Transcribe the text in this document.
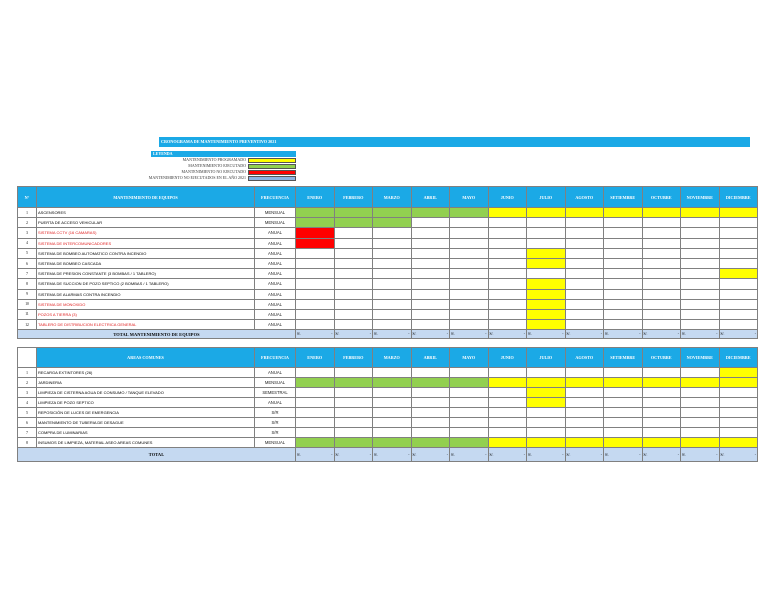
CRONOGRAMA DE MANTENIMIENTO PREVENTIVO 2021
LEYENDA
MANTENIMIENTO PROGRAMADO
MANTENIMIENTO EJECUTADO
MANTENIMIENTO NO EJECUTADO
MANTENIMIENTO NO EJECUTADOS EN EL AÑO 2021
N°	MANTENIMIENTO DE EQUIPOS	FRECUENCIA	ENERO	FEBRERO	MARZO	ABRIL	MAYO	JUNIO	JULIO	AGOSTO	SETIEMBRE	OCTUBRE	NOVIEMBRE	DICIEMBRE
1	ASCENSORES	MENSUAL												
2	PUERTA DE ACCESO VEHICULAR	MENSUAL												
3	SISTEMA CCTV (16 CAMARAS)	ANUAL												
4	SISTEMA DE INTERCOMUNICADORES	ANUAL												
5	SISTEMA DE BOMBEO AUTOMATICO CONTRA INCENDIO	ANUAL												
6	SISTEMA DE BOMBEO CASCADA	ANUAL												
7	SISTEMA DE PRESION CONSTANTE (3 BOMBAS / 1 TABLERO)	ANUAL												
8	SISTEMA DE SUCCION DE POZO SEPTICO (2 BOMBAS / 1 TABLERO)	ANUAL												
9	SISTEMA DE ALARMAS CONTRA INCENDIO	ANUAL												
10	SISTEMA DE MONOXIDO	ANUAL												
11	POZOS A TIERRA (3)	ANUAL												
12	TABLERO DE DISTRIBUCION ELECTRICA GENERAL	ANUAL												
TOTAL MANTENIMIENTO DE EQUIPOS			S/. -	S/. -	S/. -	S/. -	S/. -	S/. -	S/. -	S/. -	S/. -	S/. -	S/. -	S/. -
	AREAS COMUNES	FRECUENCIA	ENERO	FEBRERO	MARZO	ABRIL	MAYO	JUNIO	JULIO	AGOSTO	SETIEMBRE	OCTUBRE	NOVIEMBRE	DICIEMBRE
1	RECARGA EXTINTORES (26)	ANUAL												
2	JARDINERIA	MENSUAL												
3	LIMPIEZA DE CISTERNA AGUA DE CONSUMO / TANQUE ELEVADO	SEMESTRAL												
4	LIMPIEZA DE POZO SEPTICO	ANUAL												
5	REPOSICIÓN DE LUCES DE EMERGENCIA	S/R												
6	MANTENIMIENTO DE TUBERIA DE DESAGUE	S/R												
7	COMPRA DE LUMINARIAS	S/R												
8	INSUMOS DE LIMPIEZA, MATERIAL ASEO AREAS COMUNES	MENSUAL												
TOTAL			S/. -	S/. -	S/. -	S/. -	S/. -	S/. -	S/. -	S/. -	S/. -	S/. -	S/. -	S/. -
